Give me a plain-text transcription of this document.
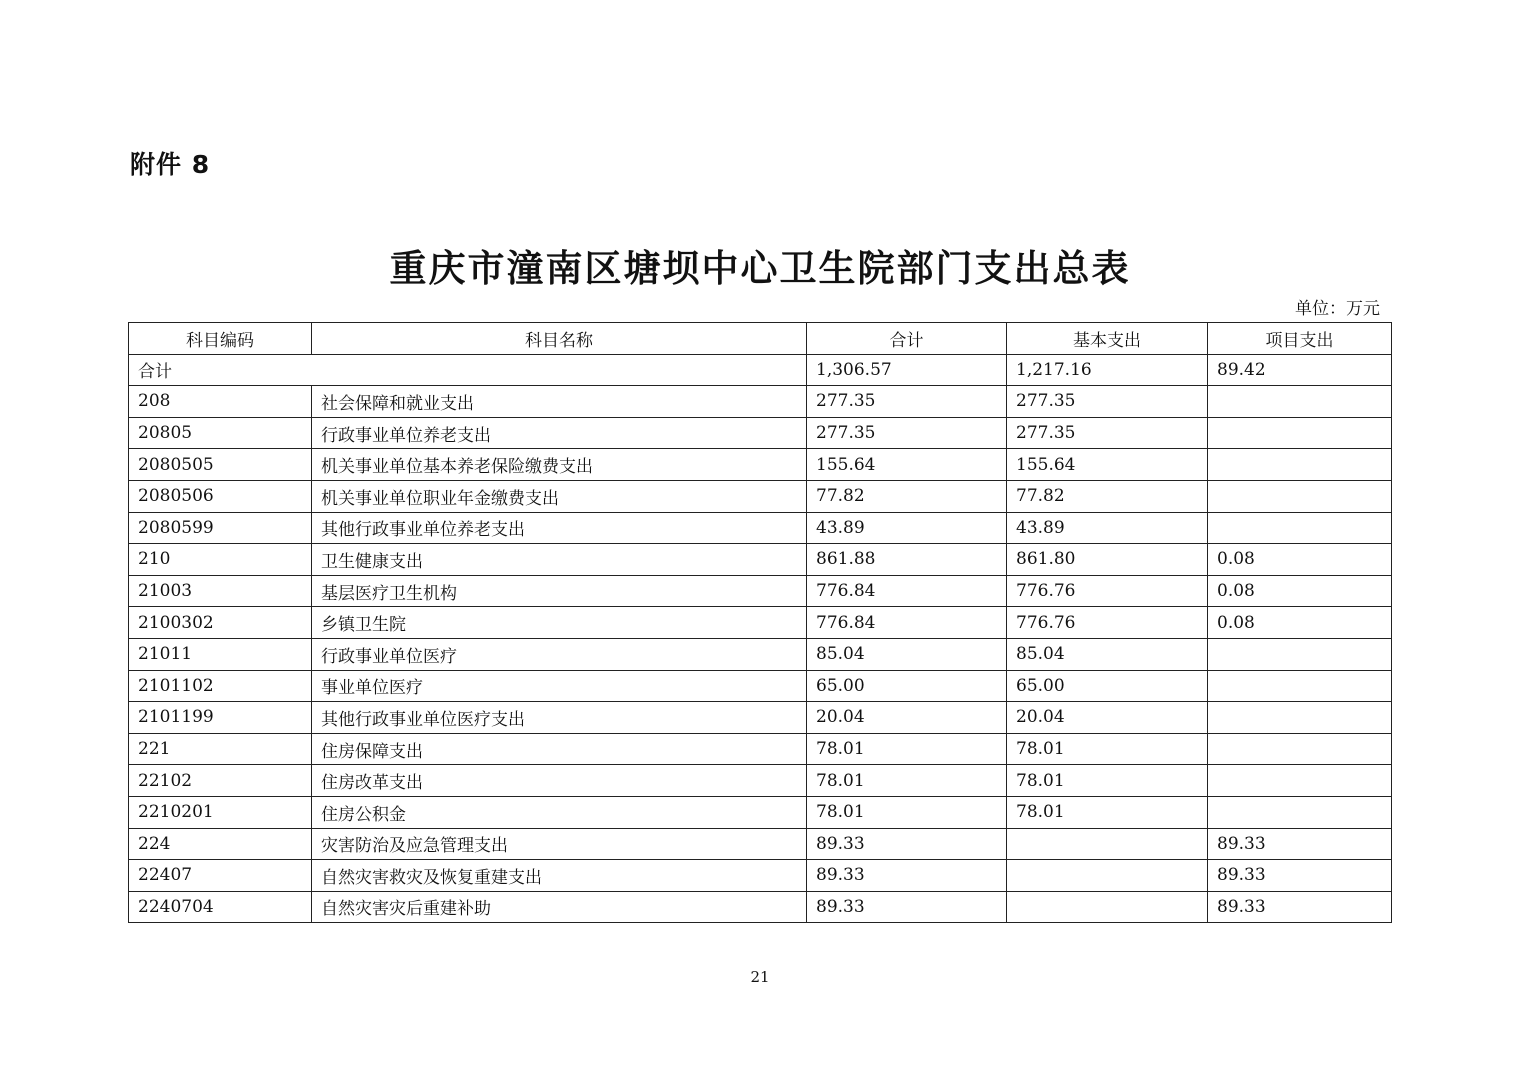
附件 8
重庆市潼南区塘坝中心卫生院部门支出总表
单位：万元
科目编码	科目名称	合计	基本支出	项目支出
合计		1,306.57	1,217.16	89.42
208	社会保障和就业支出	277.35	277.35	
20805	行政事业单位养老支出	277.35	277.35	
2080505	机关事业单位基本养老保险缴费支出	155.64	155.64	
2080506	机关事业单位职业年金缴费支出	77.82	77.82	
2080599	其他行政事业单位养老支出	43.89	43.89	
210	卫生健康支出	861.88	861.80	0.08
21003	基层医疗卫生机构	776.84	776.76	0.08
2100302	乡镇卫生院	776.84	776.76	0.08
21011	行政事业单位医疗	85.04	85.04	
2101102	事业单位医疗	65.00	65.00	
2101199	其他行政事业单位医疗支出	20.04	20.04	
221	住房保障支出	78.01	78.01	
22102	住房改革支出	78.01	78.01	
2210201	住房公积金	78.01	78.01	
224	灾害防治及应急管理支出	89.33		89.33
22407	自然灾害救灾及恢复重建支出	89.33		89.33
2240704	自然灾害灾后重建补助	89.33		89.33
21
